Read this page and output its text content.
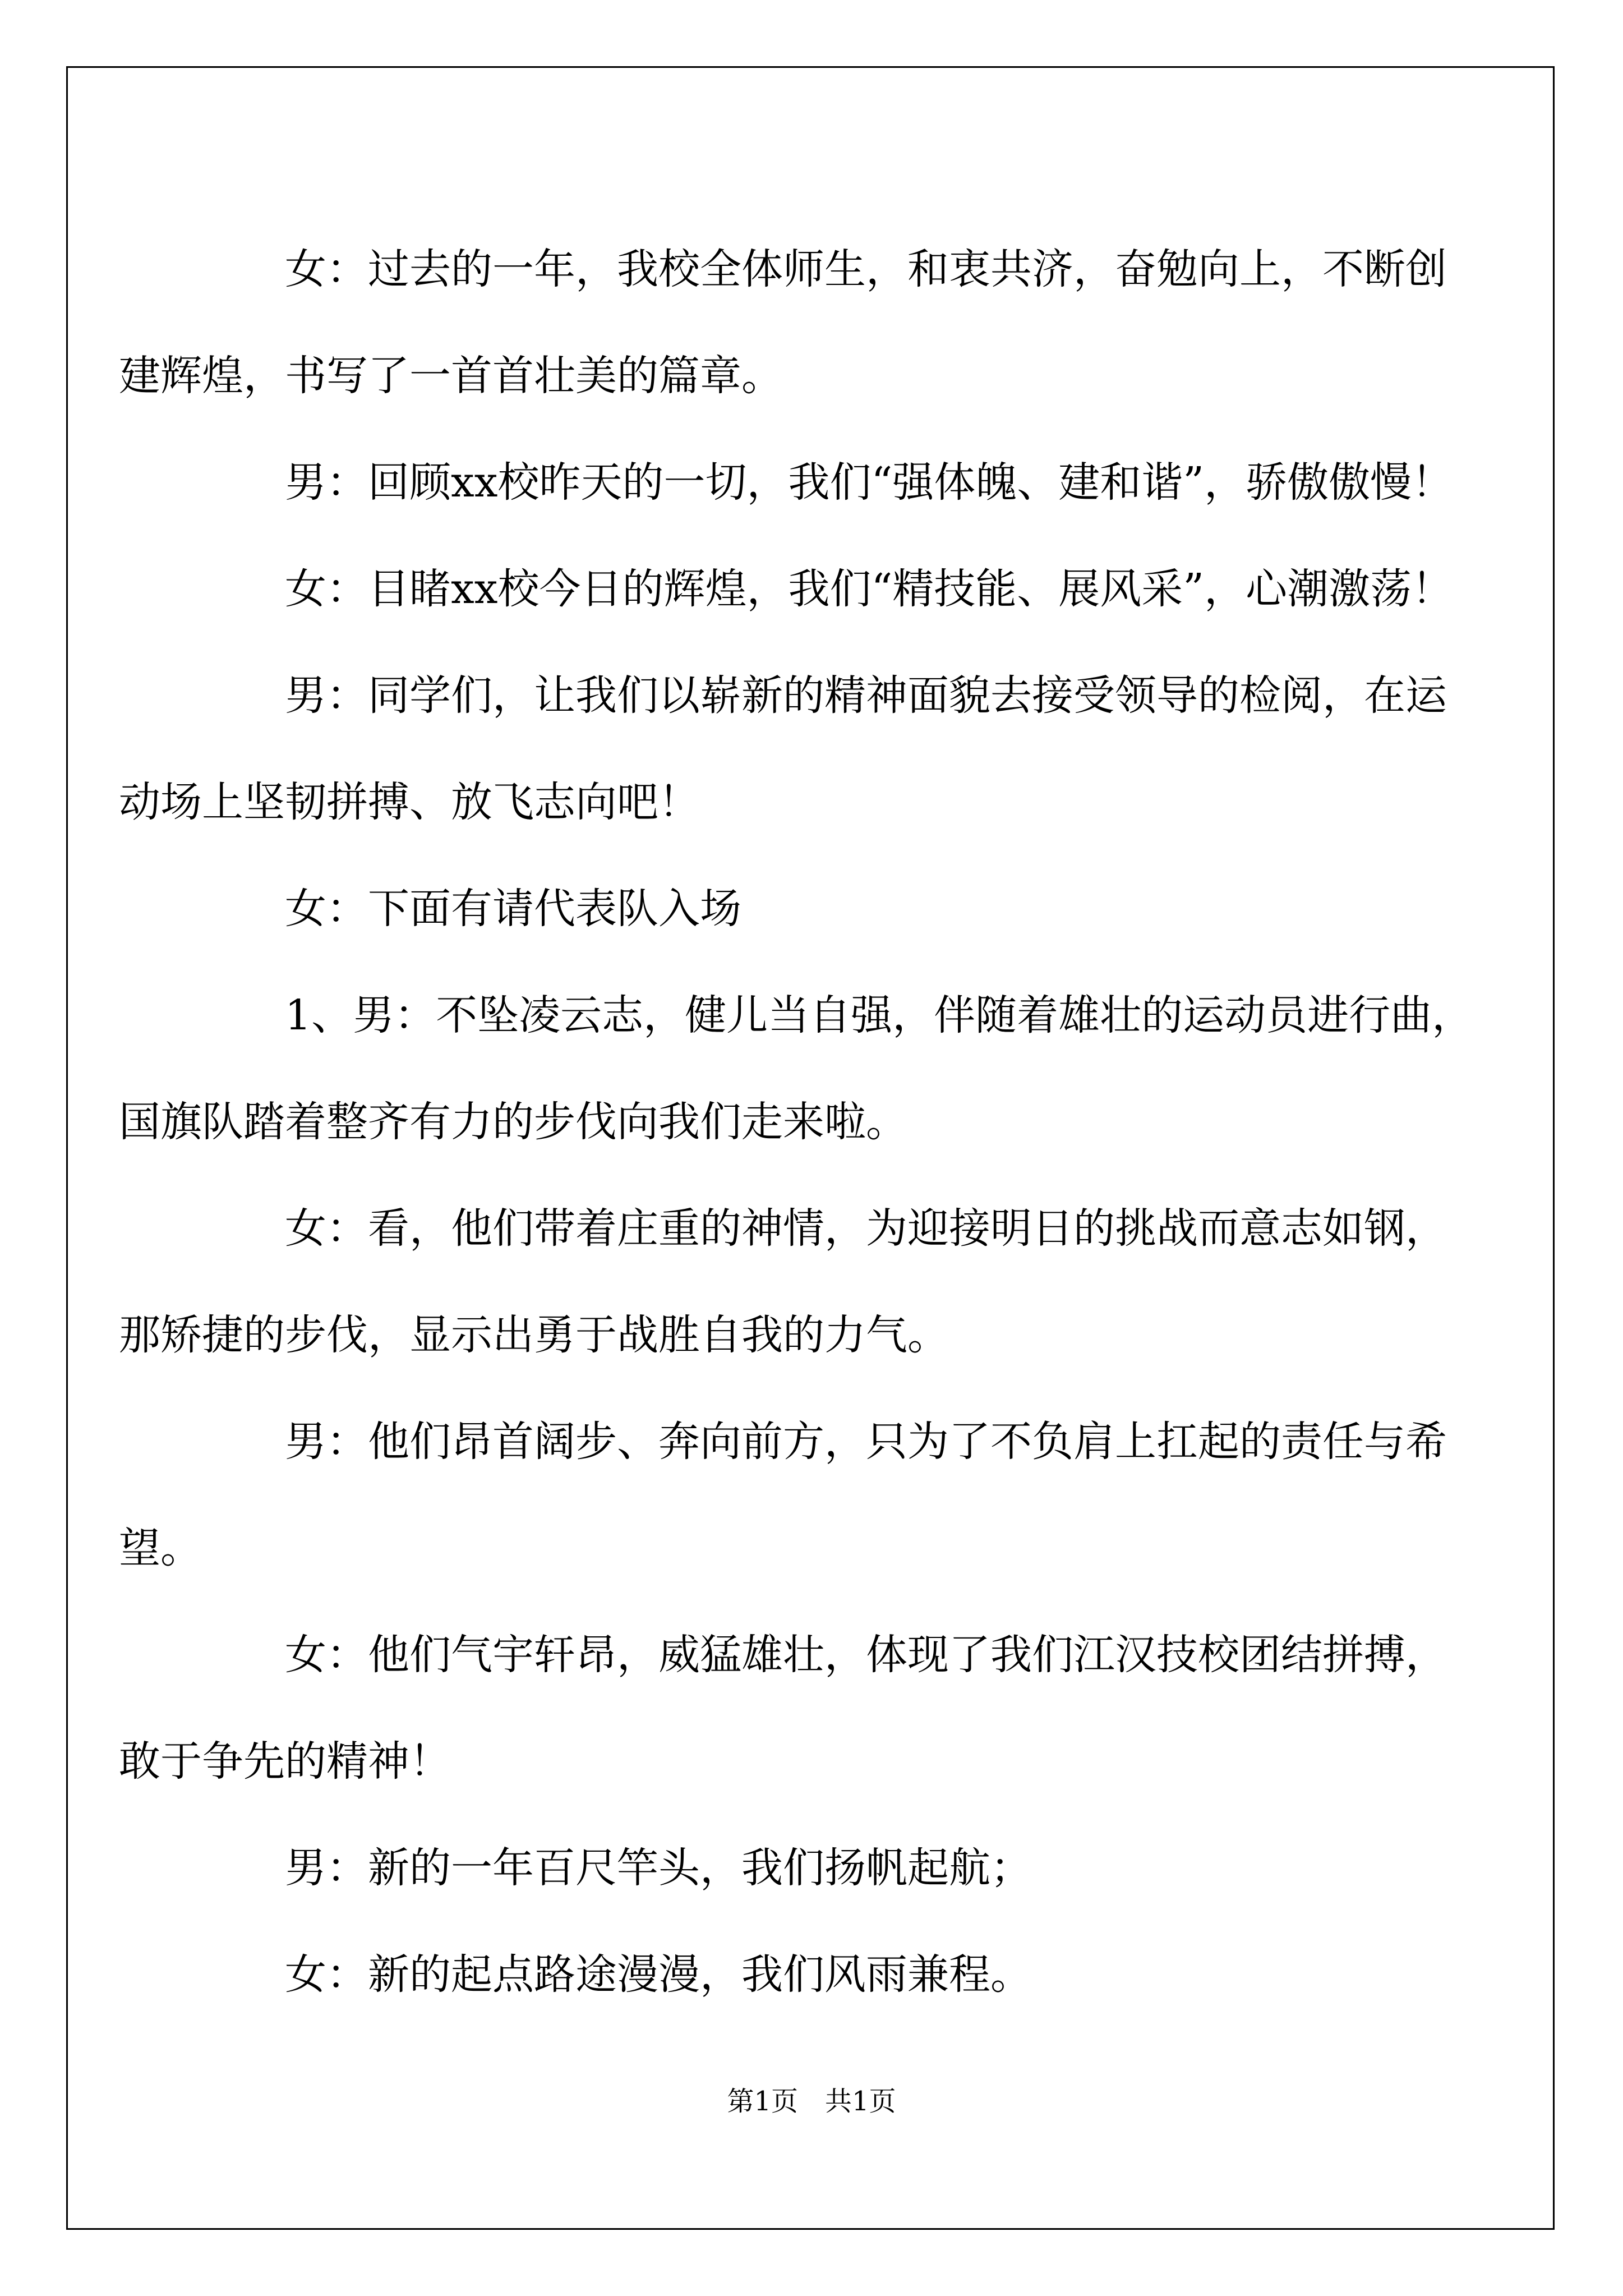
女：过去的一年，我校全体师生，和衷共济，奋勉向上，不断创
建辉煌，书写了一首首壮美的篇章。

男：回顾xx校昨天的一切，我们“强体魄、建和谐”，骄傲傲慢！

女：目睹xx校今日的辉煌，我们“精技能、展风采”，心潮激荡！

男：同学们，让我们以崭新的精神面貌去接受领导的检阅，在运
动场上坚韧拼搏、放飞志向吧！

女：下面有请代表队入场

1、男：不坠凌云志，健儿当自强，伴随着雄壮的运动员进行曲，
国旗队踏着整齐有力的步伐向我们走来啦。

女：看，他们带着庄重的神情，为迎接明日的挑战而意志如钢，
那矫捷的步伐，显示出勇于战胜自我的力气。

男：他们昂首阔步、奔向前方，只为了不负肩上扛起的责任与希
望。

女：他们气宇轩昂，威猛雄壮，体现了我们江汉技校团结拼搏，
敢于争先的精神！

男：新的一年百尺竿头，我们扬帆起航；

女：新的起点路途漫漫，我们风雨兼程。

第1页 共1页
